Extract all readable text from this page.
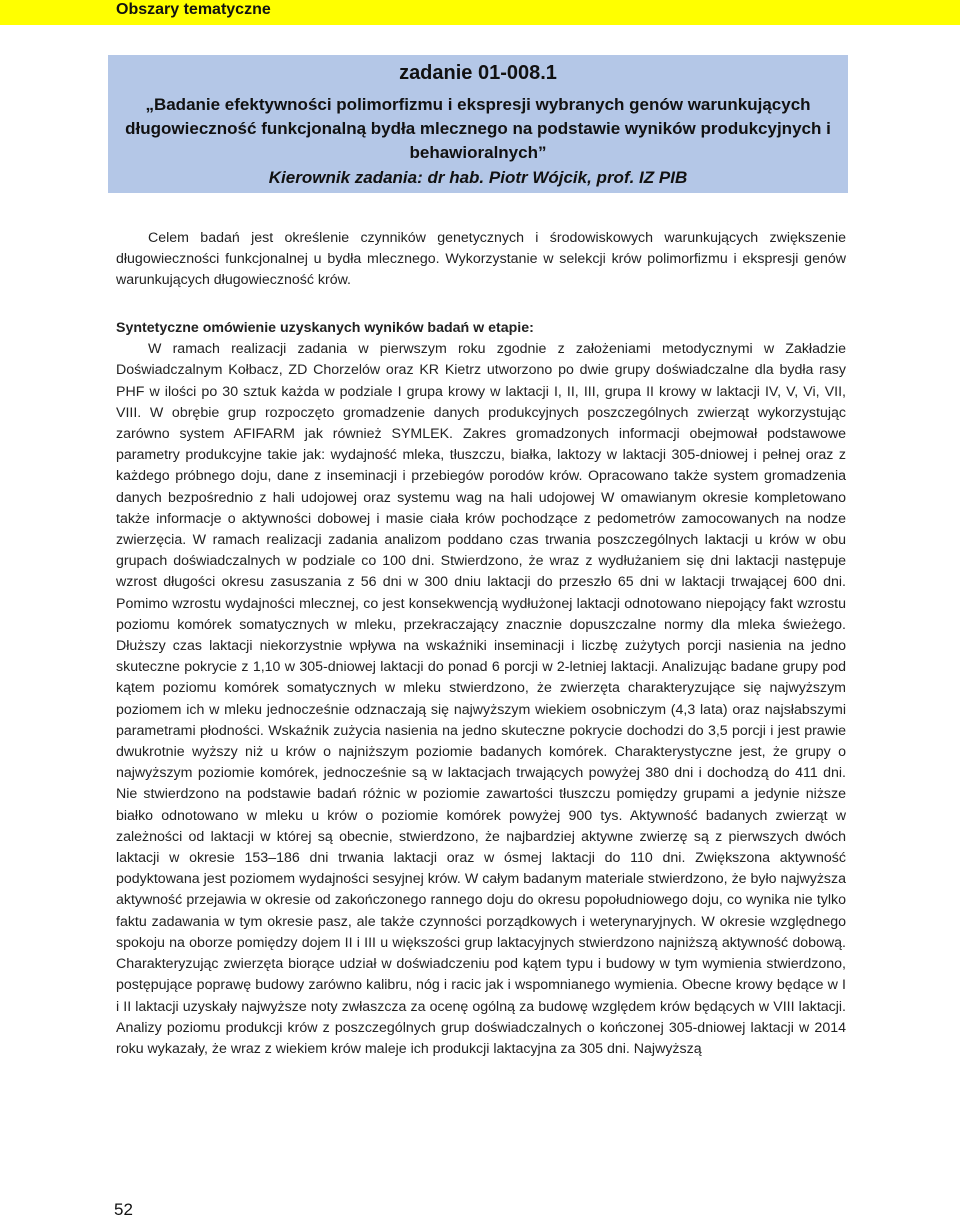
Obszary tematyczne
zadanie 01-008.1
„Badanie efektywności polimorfizmu i ekspresji wybranych genów warunkujących długowieczność funkcjonalną bydła mlecznego na podstawie wyników produkcyjnych i behawioralnych”
Kierownik zadania: dr hab. Piotr Wójcik, prof. IZ PIB
Celem badań jest określenie czynników genetycznych i środowiskowych warunkujących zwiększenie długowieczności funkcjonalnej u bydła mlecznego. Wykorzystanie w selekcji krów polimorfizmu i ekspresji genów warunkujących długowieczność krów.
Syntetyczne omówienie uzyskanych wyników badań w etapie:
W ramach realizacji zadania w pierwszym roku zgodnie z założeniami metodycznymi w Zakładzie Doświadczalnym Kołbacz, ZD Chorzelów oraz KR Kietrz utworzono po dwie grupy doświadczalne dla bydła rasy PHF w ilości po 30 sztuk każda w podziale I grupa krowy w laktacji I, II, III, grupa II krowy w laktacji IV, V, Vi, VII, VIII. W obrębie grup rozpoczęto gromadzenie danych produkcyjnych poszczególnych zwierząt wykorzystując zarówno system AFIFARM jak również SYMLEK. Zakres gromadzonych informacji obejmował podstawowe parametry produkcyjne takie jak: wydajność mleka, tłuszczu, białka, laktozy w laktacji 305-dniowej i pełnej oraz z każdego próbnego doju, dane z inseminacji i przebiegów porodów krów. Opracowano także system gromadzenia danych bezpośrednio z hali udojowej oraz systemu wag na hali udojowej W omawianym okresie kompletowano także informacje o aktywności dobowej i masie ciała krów pochodzące z pedometrów zamocowanych na nodze zwierzęcia. W ramach realizacji zadania analizom poddano czas trwania poszczególnych laktacji u krów w obu grupach doświadczalnych w podziale co 100 dni. Stwierdzono, że wraz z wydłużaniem się dni laktacji następuje wzrost długości okresu zasuszania z 56 dni w 300 dniu laktacji do przeszło 65 dni w laktacji trwającej 600 dni. Pomimo wzrostu wydajności mlecznej, co jest konsekwencją wydłużonej laktacji odnotowano niepojący fakt wzrostu poziomu komórek somatycznych w mleku, przekraczający znacznie dopuszczalne normy dla mleka świeżego. Dłuższy czas laktacji niekorzystnie wpływa na wskaźniki inseminacji i liczbę zużytych porcji nasienia na jedno skuteczne pokrycie z 1,10 w 305-dniowej laktacji do ponad 6 porcji w 2-letniej laktacji. Analizując badane grupy pod kątem poziomu komórek somatycznych w mleku stwierdzono, że zwierzęta charakteryzujące się najwyższym poziomem ich w mleku jednocześnie odznaczają się najwyższym wiekiem osobniczym (4,3 lata) oraz najsłabszymi parametrami płodności. Wskaźnik zużycia nasienia na jedno skuteczne pokrycie dochodzi do 3,5 porcji i jest prawie dwukrotnie wyższy niż u krów o najniższym poziomie badanych komórek. Charakterystyczne jest, że grupy o najwyższym poziomie komórek, jednocześnie są w laktacjach trwających powyżej 380 dni i dochodzą do 411 dni. Nie stwierdzono na podstawie badań różnic w poziomie zawartości tłuszczu pomiędzy grupami a jedynie niższe białko odnotowano w mleku u krów o poziomie komórek powyżej 900 tys. Aktywność badanych zwierząt w zależności od laktacji w której są obecnie, stwierdzono, że najbardziej aktywne zwierzę są z pierwszych dwóch laktacji w okresie 153–186 dni trwania laktacji oraz w ósmej laktacji do 110 dni. Zwiększona aktywność podyktowana jest poziomem wydajności sesyjnej krów. W całym badanym materiale stwierdzono, że było najwyższa aktywność przejawia w okresie od zakończonego rannego doju do okresu popołudniowego doju, co wynika nie tylko faktu zadawania w tym okresie pasz, ale także czynności porządkowych i weterynaryjnych. W okresie względnego spokoju na oborze pomiędzy dojem II i III u większości grup laktacyjnych stwierdzono najniższą aktywność dobową. Charakteryzując zwierzęta biorące udział w doświadczeniu pod kątem typu i budowy w tym wymienia stwierdzono, postępujące poprawę budowy zarówno kalibru, nóg i racic jak i wspomnianego wymienia. Obecne krowy będące w I i II laktacji uzyskały najwyższe noty zwłaszcza za ocenę ogólną za budowę względem krów będących w VIII laktacji. Analizy poziomu produkcji krów z poszczególnych grup doświadczalnych o kończonej 305-dniowej laktacji w 2014 roku wykazały, że wraz z wiekiem krów maleje ich produkcji laktacyjna za 305 dni. Najwyższą
52
